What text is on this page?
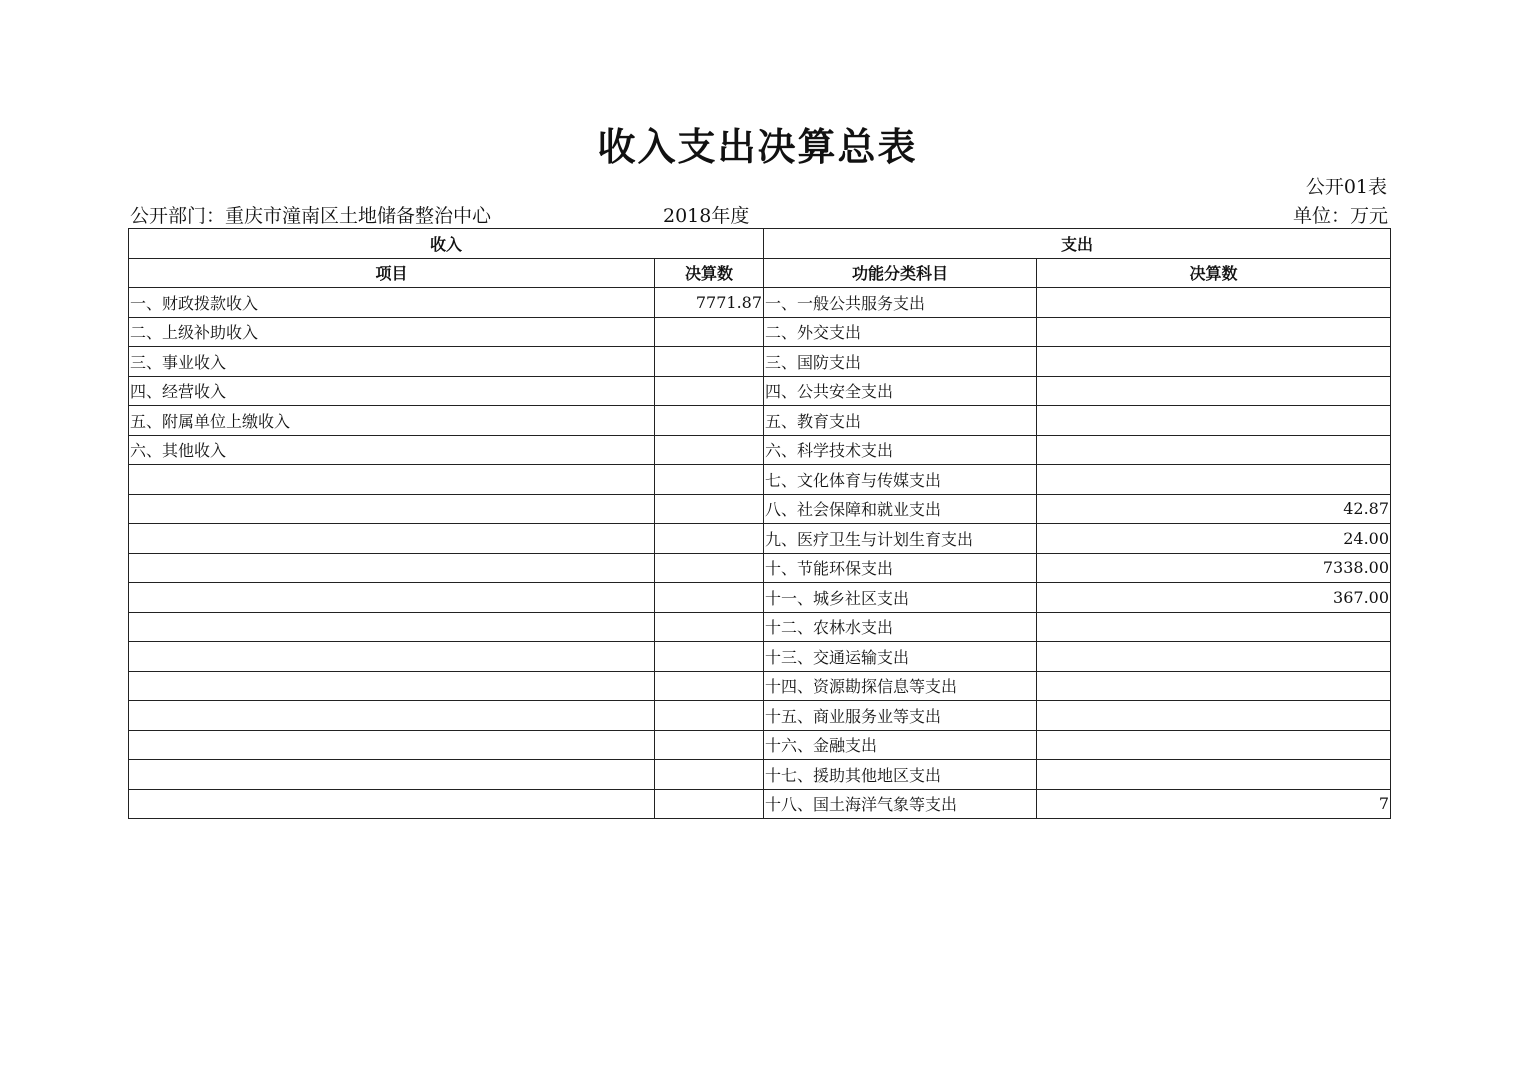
收入支出决算总表
公开01表
公开部门：重庆市潼南区土地储备整治中心	2018年度	单位：万元
收入		支出	
项目	决算数	功能分类科目	决算数
一、财政拨款收入	7771.87	一、一般公共服务支出	
二、上级补助收入		二、外交支出	
三、事业收入		三、国防支出	
四、经营收入		四、公共安全支出	
五、附属单位上缴收入		五、教育支出	
六、其他收入		六、科学技术支出	
		七、文化体育与传媒支出	
		八、社会保障和就业支出	42.87
		九、医疗卫生与计划生育支出	24.00
		十、节能环保支出	7338.00
		十一、城乡社区支出	367.00
		十二、农林水支出	
		十三、交通运输支出	
		十四、资源勘探信息等支出	
		十五、商业服务业等支出	
		十六、金融支出	
		十七、援助其他地区支出	
		十八、国土海洋气象等支出	7
